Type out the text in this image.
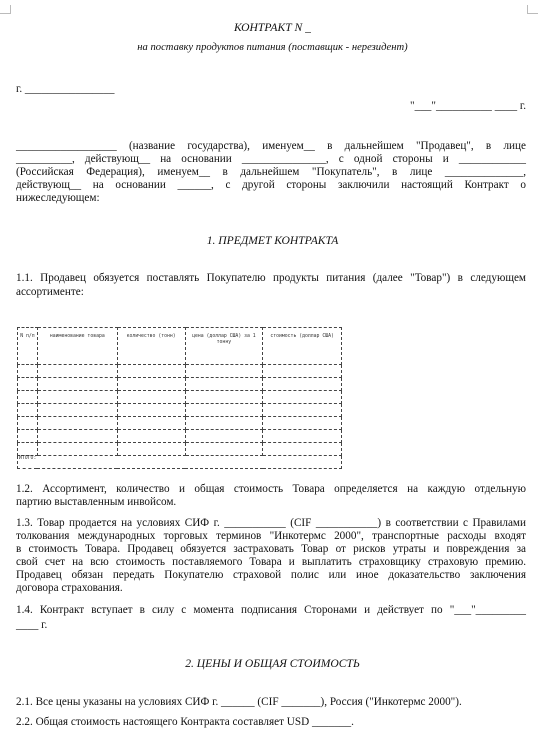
КОНТРАКТ N _
на поставку продуктов питания (поставщик - нерезидент)
г. ________________
"___"__________ ____ г.
__________________ (название государства), именуем__ в дальнейшем "Продавец", в лице
__________, действующ__ на основании _______________, с одной стороны и ____________
(Российская Федерация), именуем__ в дальнейшем "Покупатель", в лице ______________,
действующ__ на основании ______, с другой стороны заключили настоящий Контракт о
нижеследующем:
1. ПРЕДМЕТ КОНТРАКТА
1.1. Продавец обязуется поставлять Покупателю продукты питания (далее "Товар") в следующем
ассортименте:
N п/п	наименование товара	количество (тонн)	цена (доллар США) за 1 тонну	стоимость (доллар США)

ИТОГО:				
1.2. Ассортимент, количество и общая стоимость Товара определяется на каждую отдельную
партию выставленным инвойсом.
1.3. Товар продается на условиях СИФ г. ___________ (CIF ___________) в соответствии с Правилами
толкования международных торговых терминов "Инкотермс 2000", транспортные расходы входят
в стоимость Товара. Продавец обязуется застраховать Товар от рисков утраты и повреждения за
свой счет на всю стоимость поставляемого Товара и выплатить страховщику страховую премию.
Продавец обязан передать Покупателю страховой полис или иное доказательство заключения
договора страхования.
1.4. Контракт вступает в силу с момента подписания Сторонами и действует по "___"_________
____ г.
2. ЦЕНЫ И ОБЩАЯ СТОИМОСТЬ
2.1. Все цены указаны на условиях СИФ г. ______ (CIF _______), Россия ("Инкотермс 2000").
2.2. Общая стоимость настоящего Контракта составляет USD _______.
